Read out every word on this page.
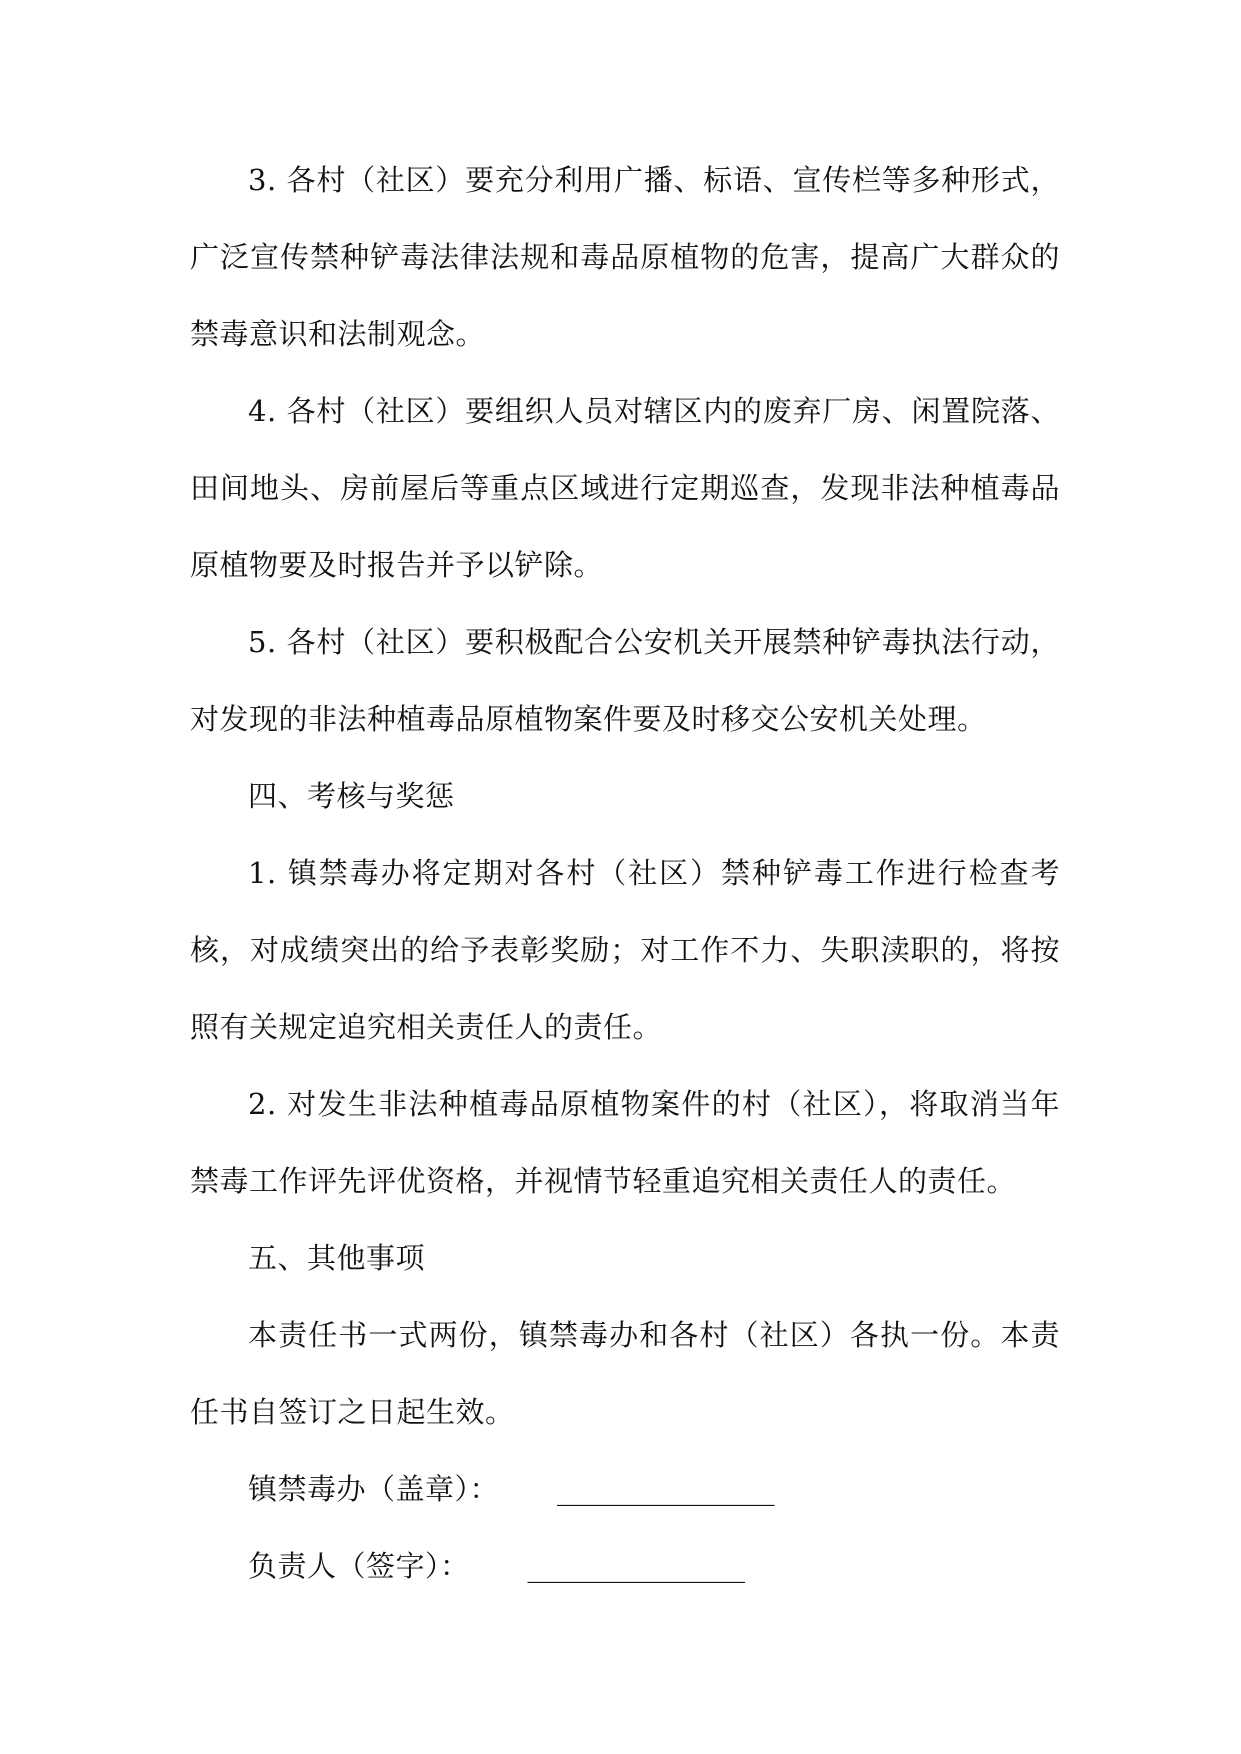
3. 各村（社区）要充分利用广播、标语、宣传栏等多种形式，广泛宣传禁种铲毒法律法规和毒品原植物的危害，提高广大群众的禁毒意识和法制观念。

4. 各村（社区）要组织人员对辖区内的废弃厂房、闲置院落、田间地头、房前屋后等重点区域进行定期巡查，发现非法种植毒品原植物要及时报告并予以铲除。

5. 各村（社区）要积极配合公安机关开展禁种铲毒执法行动，对发现的非法种植毒品原植物案件要及时移交公安机关处理。

四、考核与奖惩

1. 镇禁毒办将定期对各村（社区）禁种铲毒工作进行检查考核，对成绩突出的给予表彰奖励；对工作不力、失职渎职的，将按照有关规定追究相关责任人的责任。

2. 对发生非法种植毒品原植物案件的村（社区），将取消当年禁毒工作评先评优资格，并视情节轻重追究相关责任人的责任。

五、其他事项

本责任书一式两份，镇禁毒办和各村（社区）各执一份。本责任书自签订之日起生效。

镇禁毒办（盖章）： _______________

负责人（签字）： _______________
